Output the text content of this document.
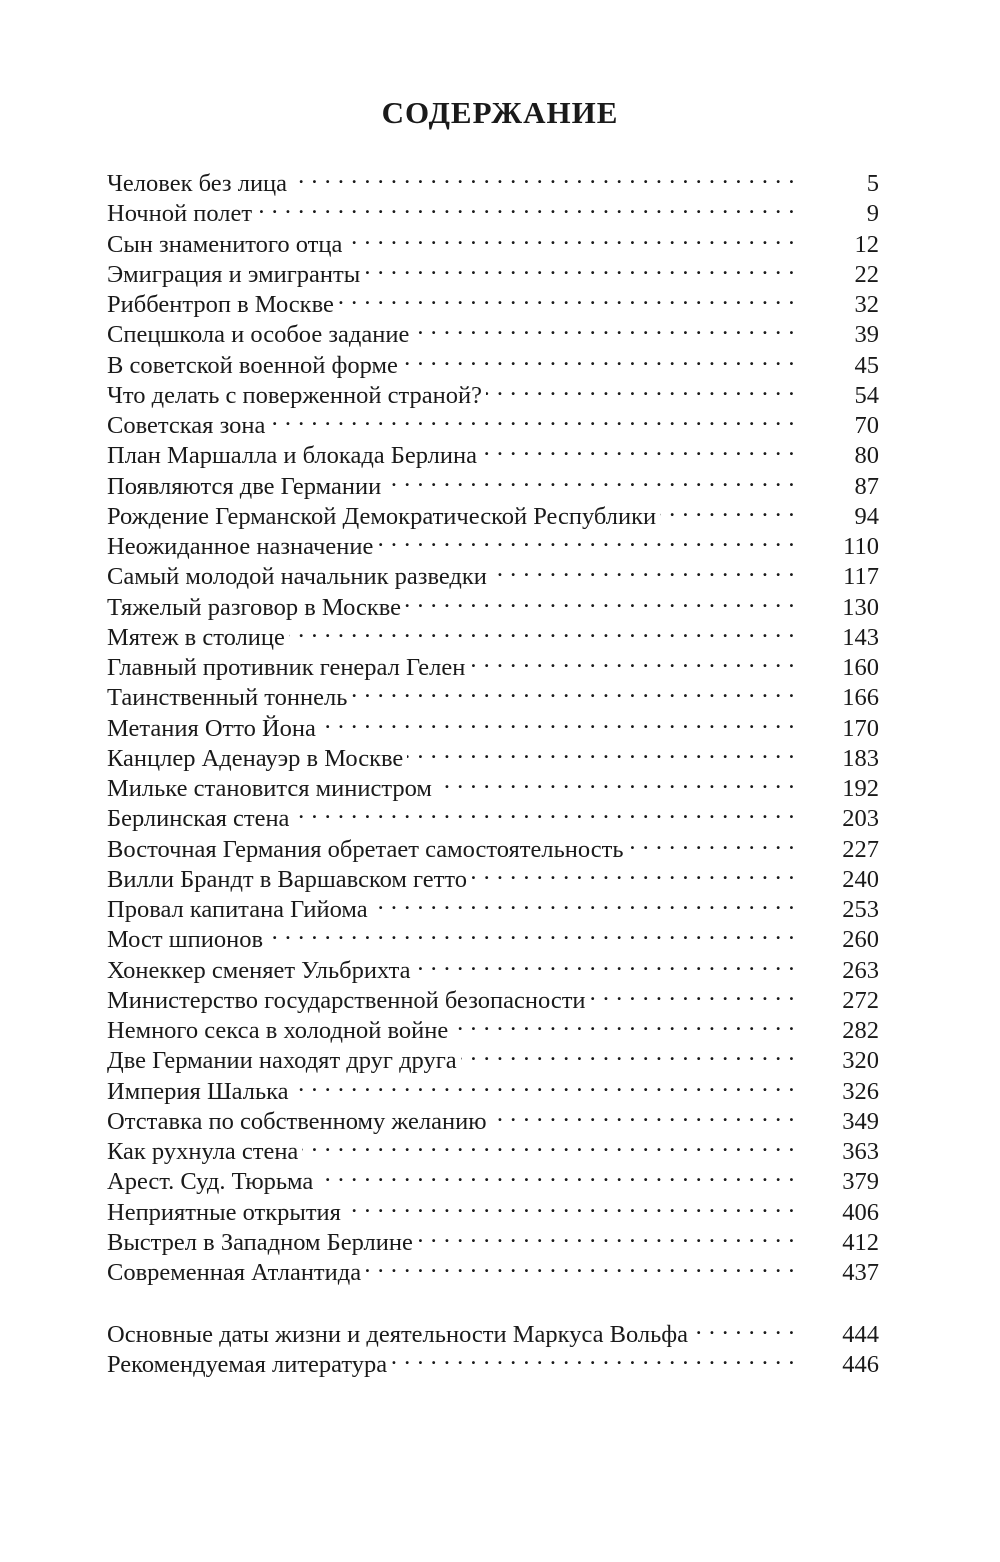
СОДЕРЖАНИЕ
Человек без лица . . .	5
Ночной полет . . .	9
Сын знаменитого отца . . .	12
Эмиграция и эмигранты . . .	22
Риббентроп в Москве . . .	32
Спецшкола и особое задание . . .	39
В советской военной форме . . .	45
Что делать с поверженной страной? . . .	54
Советская зона . . .	70
План Маршалла и блокада Берлина . . .	80
Появляются две Германии . . .	87
Рождение Германской Демократической Республики . . .	94
Неожиданное назначение . . .	110
Самый молодой начальник разведки . . .	117
Тяжелый разговор в Москве . . .	130
Мятеж в столице . . .	143
Главный противник генерал Гелен . . .	160
Таинственный тоннель . . .	166
Метания Отто Йона . . .	170
Канцлер Аденауэр в Москве . . .	183
Мильке становится министром . . .	192
Берлинская стена . . .	203
Восточная Германия обретает самостоятельность . . .	227
Вилли Брандт в Варшавском гетто . . .	240
Провал капитана Гийома . . .	253
Мост шпионов . . .	260
Хонеккер сменяет Ульбрихта . . .	263
Министерство государственной безопасности . . .	272
Немного секса в холодной войне . . .	282
Две Германии находят друг друга . . .	320
Империя Шалька . . .	326
Отставка по собственному желанию . . .	349
Как рухнула стена . . .	363
Арест. Суд. Тюрьма . . .	379
Неприятные открытия . . .	406
Выстрел в Западном Берлине . . .	412
Современная Атлантида . . .	437
Основные даты жизни и деятельности Маркуса Вольфа . . .	444
Рекомендуемая литература . . .	446
